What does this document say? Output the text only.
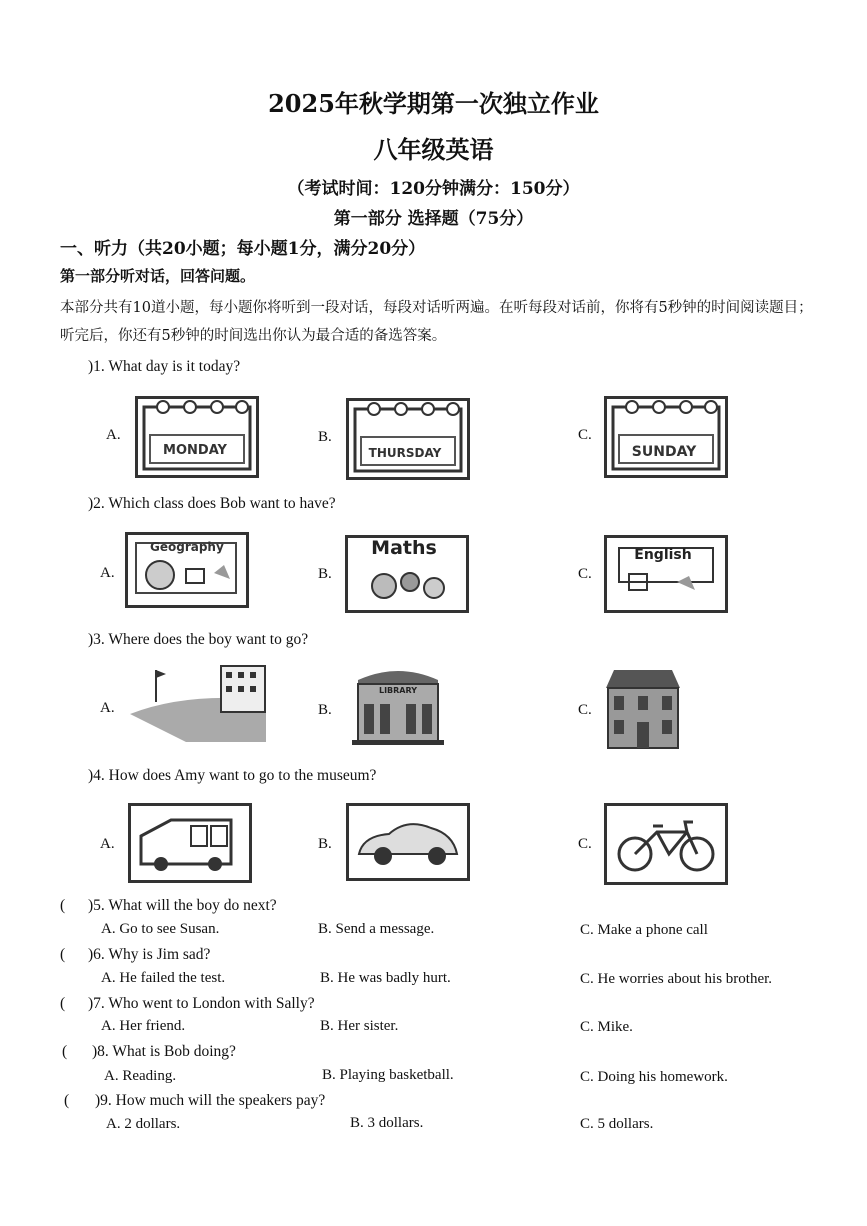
2025年秋学期第一次独立作业
八年级英语
（考试时间：120分钟满分：150分）
第一部分 选择题（75分）
一、听力（共20小题；每小题1分，满分20分）
第一部分听对话，回答问题。
本部分共有10道小题，每小题你将听到一段对话，每段对话听两遍。在听每段对话前，你将有5秒钟的时间阅读题目；听完后，你还有5秒钟的时间选出你认为最合适的备选答案。
)1. What day is it today?
A.
MONDAY
B.
THURSDAY
C.
SUNDAY
)2. Which class does Bob want to have?
A.
Geography
B.
Maths
C.
English
)3. Where does the boy want to go?
A.	B.
LIBRARY
C.
)4. How does Amy want to go to the museum?
A.	B.	C.
( )5. What will the boy do next?
A. Go to see Susan.	B. Send a message.	C. Make a phone call
( )6. Why is Jim sad?
A. He failed the test.	B. He was badly hurt.	C. He worries about his brother.
( )7. Who went to London with Sally?
A. Her friend.	B. Her sister.	C. Mike.
( )8. What is Bob doing?
A. Reading.	B. Playing basketball.	C. Doing his homework.
( )9. How much will the speakers pay?
A. 2 dollars.	B. 3 dollars.	C. 5 dollars.
